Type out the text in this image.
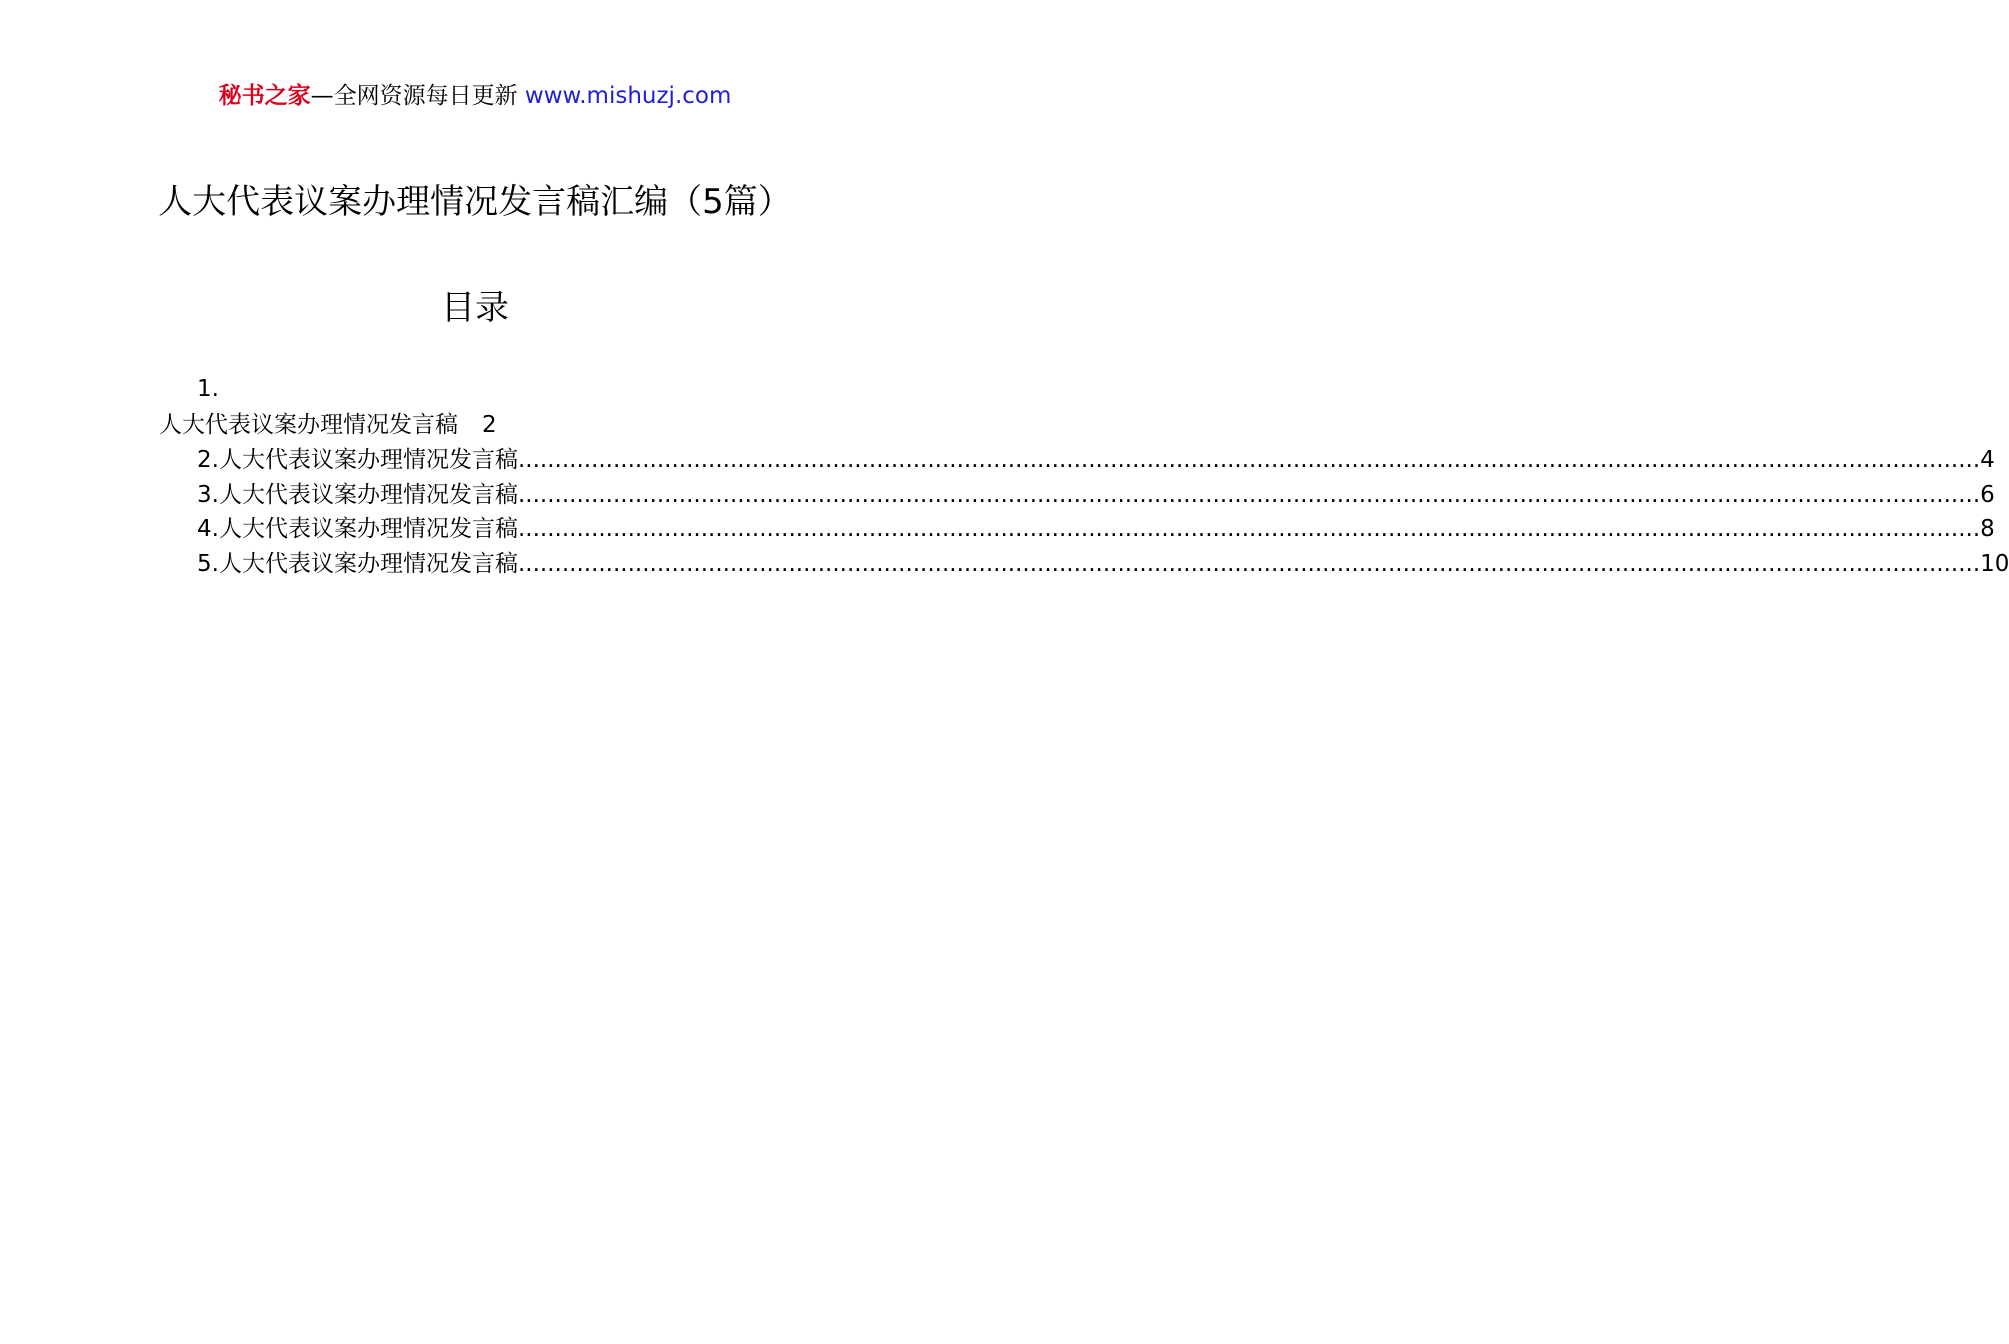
秘书之家—全网资源每日更新 www.mishuzj.com
人大代表议案办理情况发言稿汇编（5篇）
目录
1.
人大代表议案办理情况发言稿 2
2.人大代表议案办理情况发言稿 ........................................................................................................................................................................................................ 4
3.人大代表议案办理情况发言稿 ........................................................................................................................................................................................................ 6
4.人大代表议案办理情况发言稿 ........................................................................................................................................................................................................ 8
5.人大代表议案办理情况发言稿 ........................................................................................................................................................................................................ 10
